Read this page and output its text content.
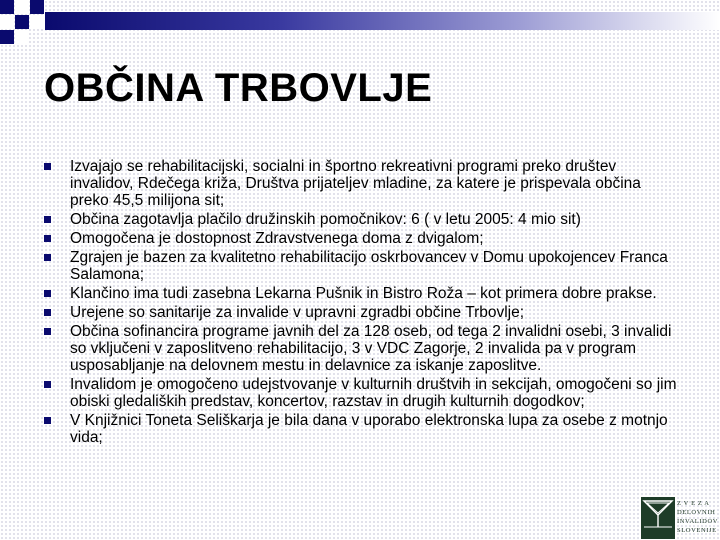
OBČINA TRBOVLJE
Izvajajo se rehabilitacijski, socialni in športno rekreativni programi preko društev invalidov, Rdečega križa, Društva prijateljev mladine, za katere je prispevala občina preko 45,5 milijona sit;
Občina zagotavlja plačilo družinskih pomočnikov: 6 ( v letu 2005: 4 mio sit)
Omogočena je dostopnost Zdravstvenega doma z dvigalom;
Zgrajen je bazen za kvalitetno rehabilitacijo oskrbovancev v Domu upokojencev Franca Salamona;
Klančino ima tudi zasebna Lekarna Pušnik in Bistro Roža – kot primera dobre prakse.
Urejene so sanitarije za invalide v upravni zgradbi občine Trbovlje;
Občina sofinancira programe javnih del za 128 oseb, od tega 2 invalidni osebi, 3 invalidi so vključeni v zaposlitveno rehabilitacijo, 3 v VDC Zagorje, 2 invalida pa v program usposabljanje na delovnem mestu in delavnice za iskanje zaposlitve.
Invalidom je omogočeno udejstvovanje v kulturnih društvih in sekcijah, omogočeni so jim obiski gledaliških predstav, koncertov, razstav in drugih kulturnih dogodkov;
V Knjižnici Toneta Seliškarja je bila dana v uporabo elektronska lupa za osebe z motnjo vida;
Z V E Z A
DELOVNIH
INVALIDOV
SLOVENIJE
